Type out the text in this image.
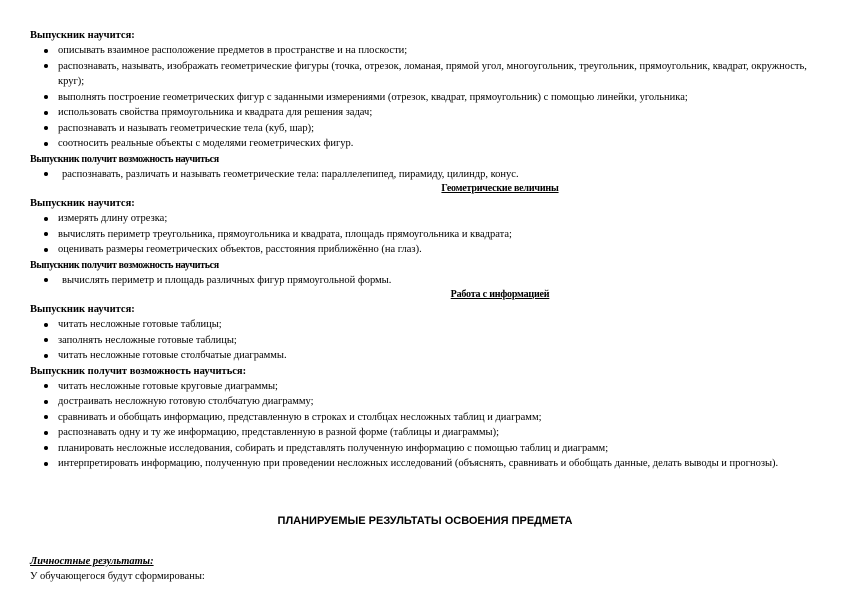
Выпускник научится:
описывать взаимное расположение предметов в пространстве и на плоскости;
распознавать, называть, изображать геометрические фигуры (точка, отрезок, ломаная, прямой угол, многоугольник, треугольник, прямоугольник, квадрат, окружность, круг);
выполнять построение геометрических фигур с заданными измерениями (отрезок, квадрат, прямоугольник) с помощью линейки, угольника;
использовать свойства прямоугольника и квадрата для решения задач;
распознавать и называть геометрические тела (куб, шар);
соотносить реальные объекты с моделями геометрических фигур.
Выпускник получит возможность научиться
распознавать, различать и называть геометрические тела: параллелепипед, пирамиду, цилиндр, конус.
Геометрические величины
Выпускник научится:
измерять длину отрезка;
вычислять периметр треугольника, прямоугольника и квадрата, площадь прямоугольника и квадрата;
оценивать размеры геометрических объектов, расстояния приближённо (на глаз).
Выпускник получит возможность научиться
вычислять периметр и площадь различных фигур прямоугольной формы.
Работа с информацией
Выпускник научится:
читать несложные готовые таблицы;
заполнять несложные готовые таблицы;
читать несложные готовые столбчатые диаграммы.
Выпускник получит возможность научиться:
читать несложные готовые круговые диаграммы;
достраивать несложную готовую столбчатую диаграмму;
сравнивать и обобщать информацию, представленную в строках и столбцах несложных таблиц и диаграмм;
распознавать одну и ту же информацию, представленную в разной форме (таблицы и диаграммы);
планировать несложные исследования, собирать и представлять полученную информацию с помощью таблиц и диаграмм;
интерпретировать информацию, полученную при проведении несложных исследований (объяснять, сравнивать и обобщать данные, делать выводы и прогнозы).
ПЛАНИРУЕМЫЕ РЕЗУЛЬТАТЫ ОСВОЕНИЯ ПРЕДМЕТА
Личностные результаты:
У обучающегося будут сформированы:
